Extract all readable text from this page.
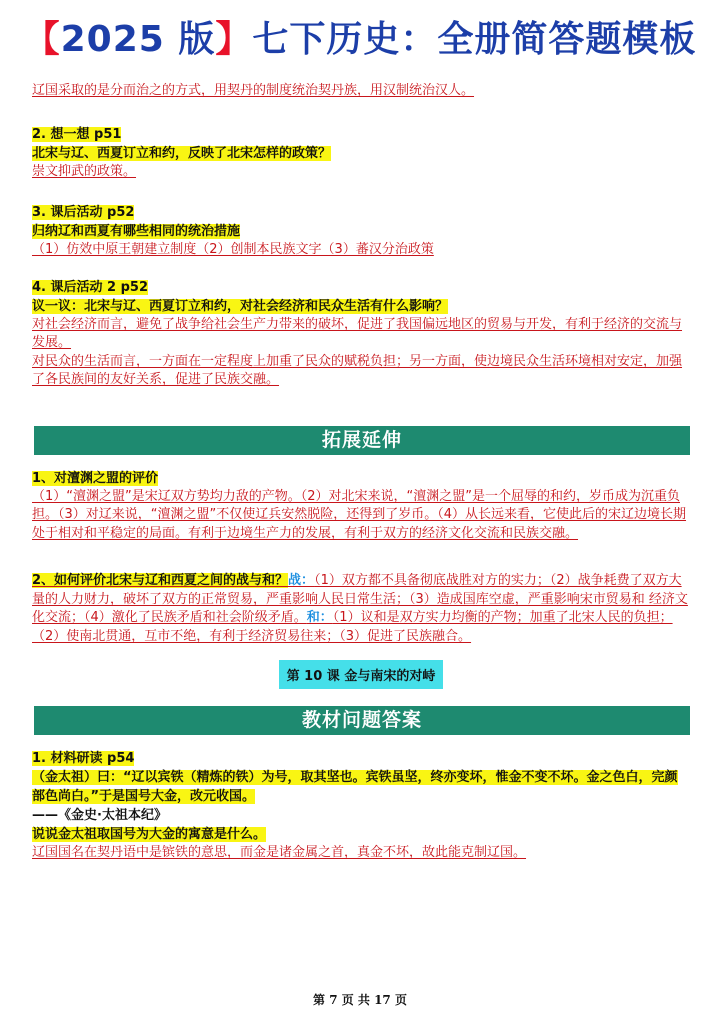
【2025 版】七下历史：全册简答题模板
辽国采取的是分而治之的方式，用契丹的制度统治契丹族，用汉制统治汉人。
2. 想一想 p51
北宋与辽、西夏订立和约，反映了北宋怎样的政策？
崇文抑武的政策。
3. 课后活动 p52
归纳辽和西夏有哪些相同的统治措施
（1）仿效中原王朝建立制度（2）创制本民族文字（3）蕃汉分治政策
4. 课后活动 2 p52
议一议：北宋与辽、西夏订立和约，对社会经济和民众生活有什么影响？
对社会经济而言，避免了战争给社会生产力带来的破坏，促进了我国偏远地区的贸易与开发，有利于经济的交流与发展。
对民众的生活而言，一方面在一定程度上加重了民众的赋税负担；另一方面，使边境民众生活环境相对安定，加强了各民族间的友好关系，促进了民族交融。
拓展延伸
1、对澶渊之盟的评价
（1）“澶渊之盟”是宋辽双方势均力敌的产物。（2）对北宋来说，“澶渊之盟”是一个屈辱的和约，岁币成为沉重负担。（3）对辽来说，“澶渊之盟”不仅使辽兵安然脱险，还得到了岁币。（4）从长远来看，它使此后的宋辽边境长期处于相对和平稳定的局面。有利于边境生产力的发展，有利于双方的经济文化交流和民族交融。
2、如何评价北宋与辽和西夏之间的战与和？战：（1）双方都不具备彻底战胜对方的实力；（2）战争耗费了双方大量的人力财力，破坏了双方的正常贸易，严重影响人民日常生活；（3）造成国库空虚，严重影响宋市贸易和 经济文化交流；（4）激化了民族矛盾和社会阶级矛盾。和：（1）议和是双方实力均衡的产物；加重了北宋人民的负担；（2）使南北贯通，互市不绝，有利于经济贸易往来；（3）促进了民族融合。
第 10 课 金与南宋的对峙
教材问题答案
1. 材料研读 p54
（金太祖）曰：“辽以宾铁（精炼的铁）为号，取其坚也。宾铁虽坚，终亦变坏，惟金不变不坏。金之色白，完颜部色尚白。”于是国号大金，改元收国。
——《金史·太祖本纪》
说说金太祖取国号为大金的寓意是什么。
辽国国名在契丹语中是镔铁的意思，而金是诸金属之首，真金不坏，故此能克制辽国。
第 7 页 共 17 页
